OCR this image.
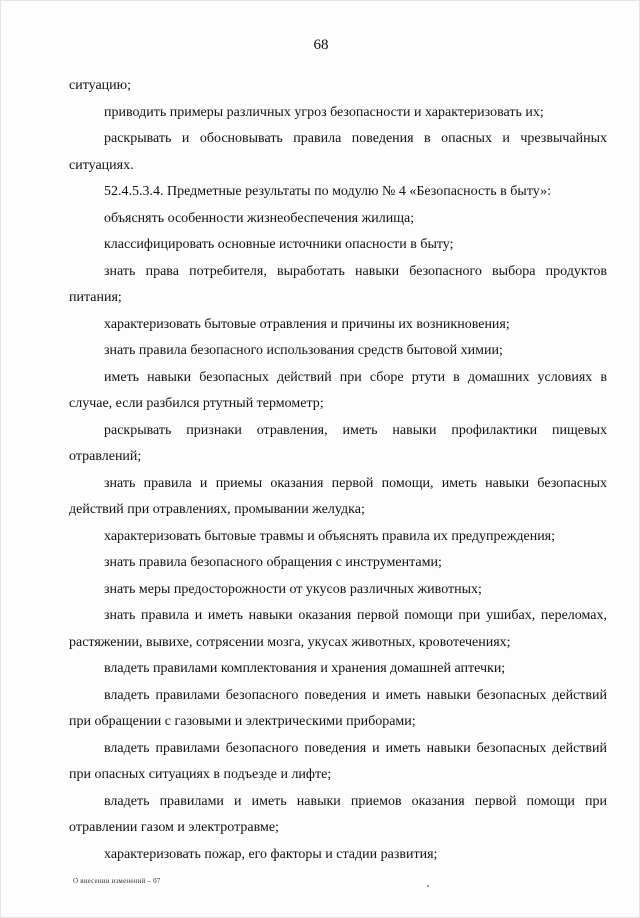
68

ситуацию;

приводить примеры различных угроз безопасности и характеризовать их;

раскрывать и обосновывать правила поведения в опасных и чрезвычайных ситуациях.

52.4.5.3.4. Предметные результаты по модулю № 4 «Безопасность в быту»:

объяснять особенности жизнеобеспечения жилища;

классифицировать основные источники опасности в быту;

знать права потребителя, выработать навыки безопасного выбора продуктов питания;

характеризовать бытовые отравления и причины их возникновения;

знать правила безопасного использования средств бытовой химии;

иметь навыки безопасных действий при сборе ртути в домашних условиях в случае, если разбился ртутный термометр;

раскрывать признаки отравления, иметь навыки профилактики пищевых отравлений;

знать правила и приемы оказания первой помощи, иметь навыки безопасных действий при отравлениях, промывании желудка;

характеризовать бытовые травмы и объяснять правила их предупреждения;

знать правила безопасного обращения с инструментами;

знать меры предосторожности от укусов различных животных;

знать правила и иметь навыки оказания первой помощи при ушибах, переломах, растяжении, вывихе, сотрясении мозга, укусах животных, кровотечениях;

владеть правилами комплектования и хранения домашней аптечки;

владеть правилами безопасного поведения и иметь навыки безопасных действий при обращении с газовыми и электрическими приборами;

владеть правилами безопасного поведения и иметь навыки безопасных действий при опасных ситуациях в подъезде и лифте;

владеть правилами и иметь навыки приемов оказания первой помощи при отравлении газом и электротравме;

характеризовать пожар, его факторы и стадии развития;

О внесении изменений – 07
